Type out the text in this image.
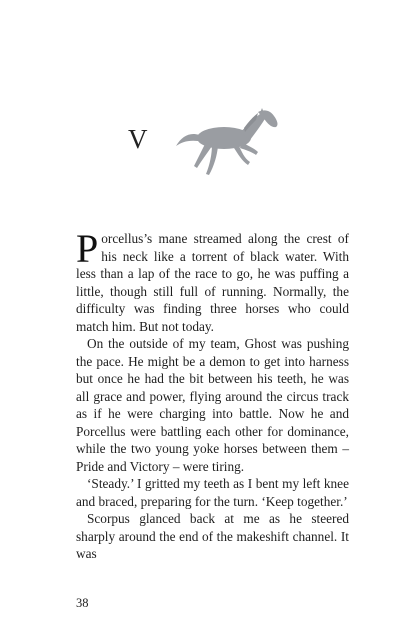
V

Porcellus’s mane streamed along the crest of his neck like a torrent of black water. With less than a lap of the race to go, he was puffing a little, though still full of running. Normally, the difficulty was finding three horses who could match him. But not today.

On the outside of my team, Ghost was pushing the pace. He might be a demon to get into harness but once he had the bit between his teeth, he was all grace and power, flying around the circus track as if he were charging into battle. Now he and Porcellus were battling each other for dominance, while the two young yoke horses between them – Pride and Victory – were tiring.

‘Steady.’ I gritted my teeth as I bent my left knee and braced, preparing for the turn. ‘Keep together.’

Scorpus glanced back at me as he steered sharply around the end of the makeshift channel. It was

38
